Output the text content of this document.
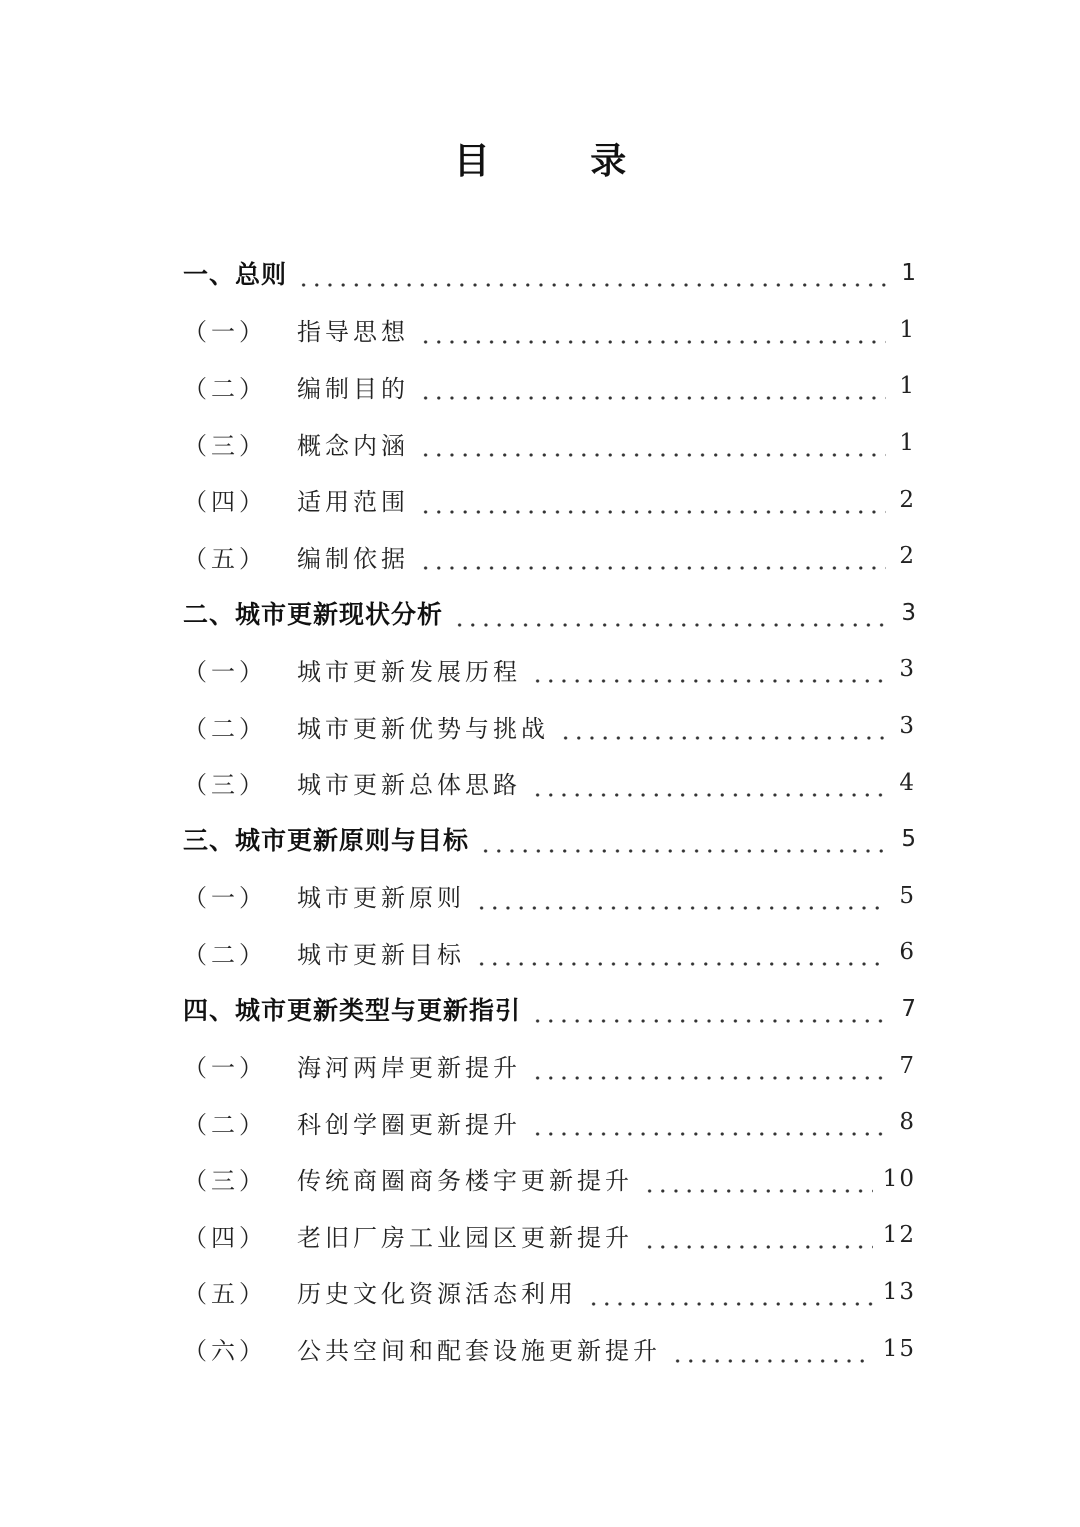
目 录
一、总则	1
（一）	指导思想	1
（二）	编制目的	1
（三）	概念内涵	1
（四）	适用范围	2
（五）	编制依据	2
二、城市更新现状分析	3
（一）	城市更新发展历程	3
（二）	城市更新优势与挑战	3
（三）	城市更新总体思路	4
三、城市更新原则与目标	5
（一）	城市更新原则	5
（二）	城市更新目标	6
四、城市更新类型与更新指引	7
（一）	海河两岸更新提升	7
（二）	科创学圈更新提升	8
（三）	传统商圈商务楼宇更新提升	10
（四）	老旧厂房工业园区更新提升	12
（五）	历史文化资源活态利用	13
（六）	公共空间和配套设施更新提升	15
